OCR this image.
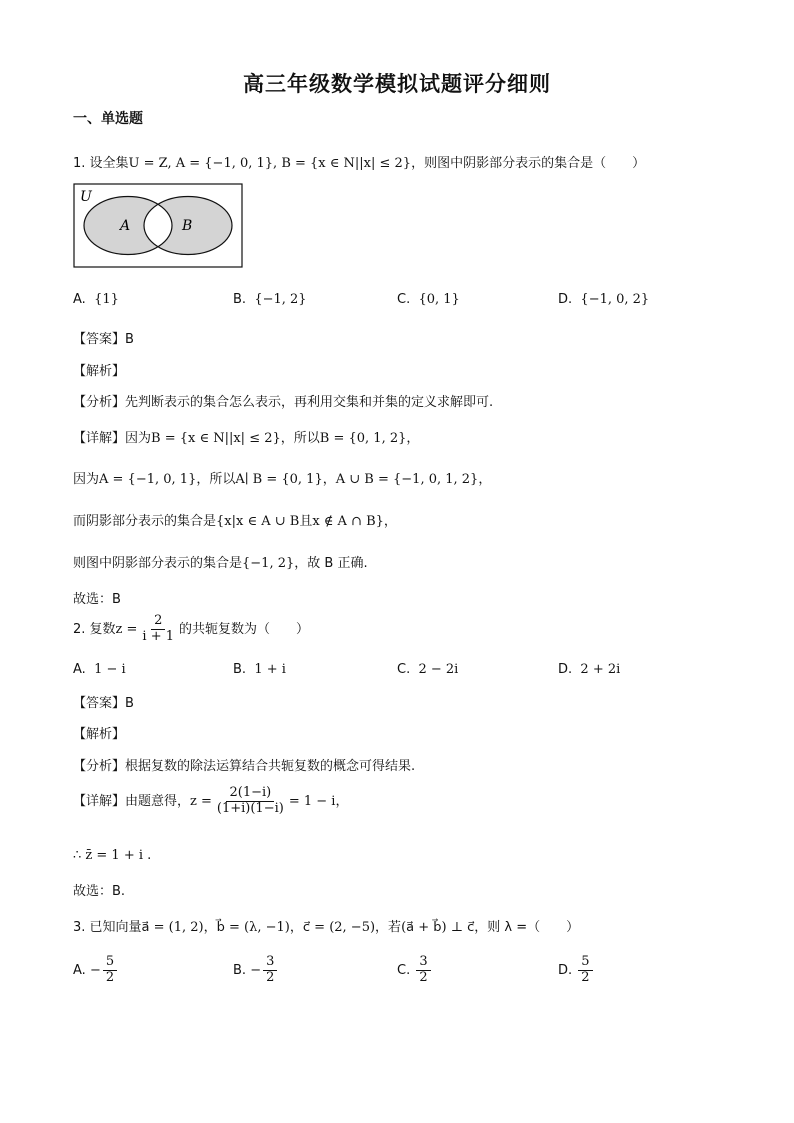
高三年级数学模拟试题评分细则
一、单选题
1. 设全集U = Z, A = {−1, 0, 1}, B = {x ∈ N||x| ≤ 2}，则图中阴影部分表示的集合是（　　）
U
A	B
A. {1}	B. {−1, 2}	C. {0, 1}	D. {−1, 0, 2}
【答案】B
【解析】
【分析】先判断表示的集合怎么表示，再利用交集和并集的定义求解即可.
【详解】因为B = {x ∈ N||x| ≤ 2}，所以B = {0, 1, 2}，
因为A = {−1, 0, 1}，所以A∣ B = {0, 1}，A ∪ B = {−1, 0, 1, 2}，
而阴影部分表示的集合是{x|x ∈ A ∪ B且x ∉ A ∩ B}，
则图中阴影部分表示的集合是{−1, 2}，故 B 正确.
故选：B
2. 复数$z = \frac{2}{i + 1}$ 的共轭复数为（　　）
A. 1 − i	B. 1 + i	C. 2 − 2i	D. 2 + 2i
【答案】B
【解析】
【分析】根据复数的除法运算结合共轭复数的概念可得结果.
【详解】由题意得，$z = \frac{2(1-i)}{(1+i)(1-i)} = 1 - i$，
∴ z̄ = 1 + i .
故选：B.
3. 已知向量a⃗ = (1, 2)，b⃗ = (λ, −1)，c⃗ = (2, −5)，若(a⃗ + b⃗) ⊥ c⃗，则 λ =（　　）
A. − $\frac{5}{2}$	B. − $\frac{3}{2}$	C. $\frac{3}{2}$	D. $\frac{5}{2}$
